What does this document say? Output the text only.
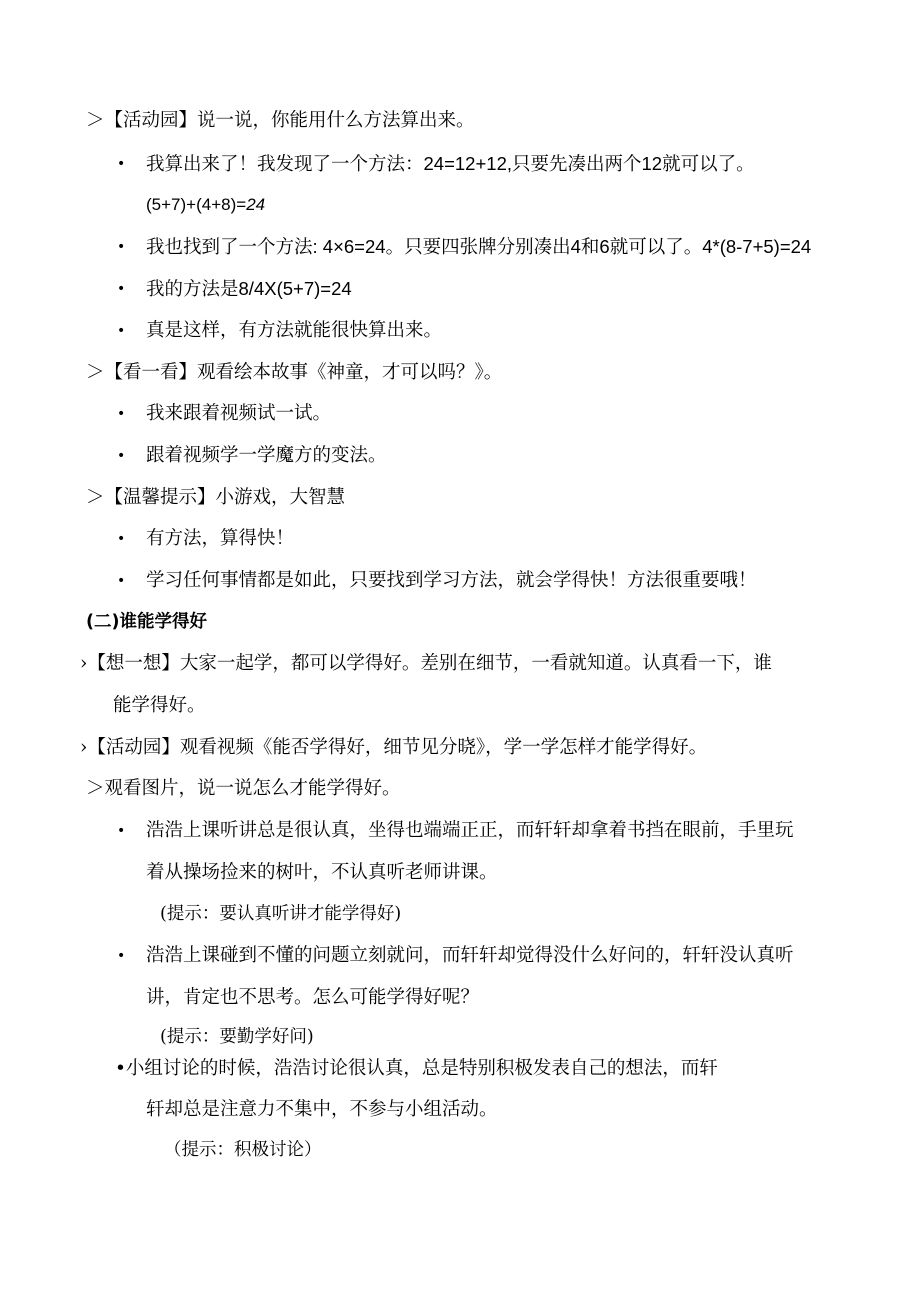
＞【活动园】说一说，你能用什么方法算出来。
• 我算出来了！我发现了一个方法：24=12+12,只要先凑出两个12就可以了。
(5+7)+(4+8)=24
• 我也找到了一个方法: 4×6=24。只要四张牌分别凑出4和6就可以了。4*(8-7+5)=24
• 我的方法是8/4X(5+7)=24
• 真是这样，有方法就能很快算出来。
＞【看一看】观看绘本故事《神童，才可以吗？》。
• 我来跟着视频试一试。
• 跟着视频学一学魔方的变法。
＞【温馨提示】小游戏，大智慧
• 有方法，算得快！
• 学习任何事情都是如此，只要找到学习方法，就会学得快！方法很重要哦！
(二)谁能学得好
›【想一想】大家一起学，都可以学得好。差别在细节，一看就知道。认真看一下，谁
能学得好。
›【活动园】观看视频《能否学得好，细节见分晓》，学一学怎样才能学得好。
＞观看图片，说一说怎么才能学得好。
• 浩浩上课听讲总是很认真，坐得也端端正正，而轩轩却拿着书挡在眼前，手里玩
着从操场捡来的树叶，不认真听老师讲课。
(提示：要认真听讲才能学得好)
• 浩浩上课碰到不懂的问题立刻就问，而轩轩却觉得没什么好问的，轩轩没认真听
讲，肯定也不思考。怎么可能学得好呢？
(提示：要勤学好问)
•小组讨论的时候，浩浩讨论很认真，总是特别积极发表自己的想法，而轩
轩却总是注意力不集中，不参与小组活动。
（提示：积极讨论）
